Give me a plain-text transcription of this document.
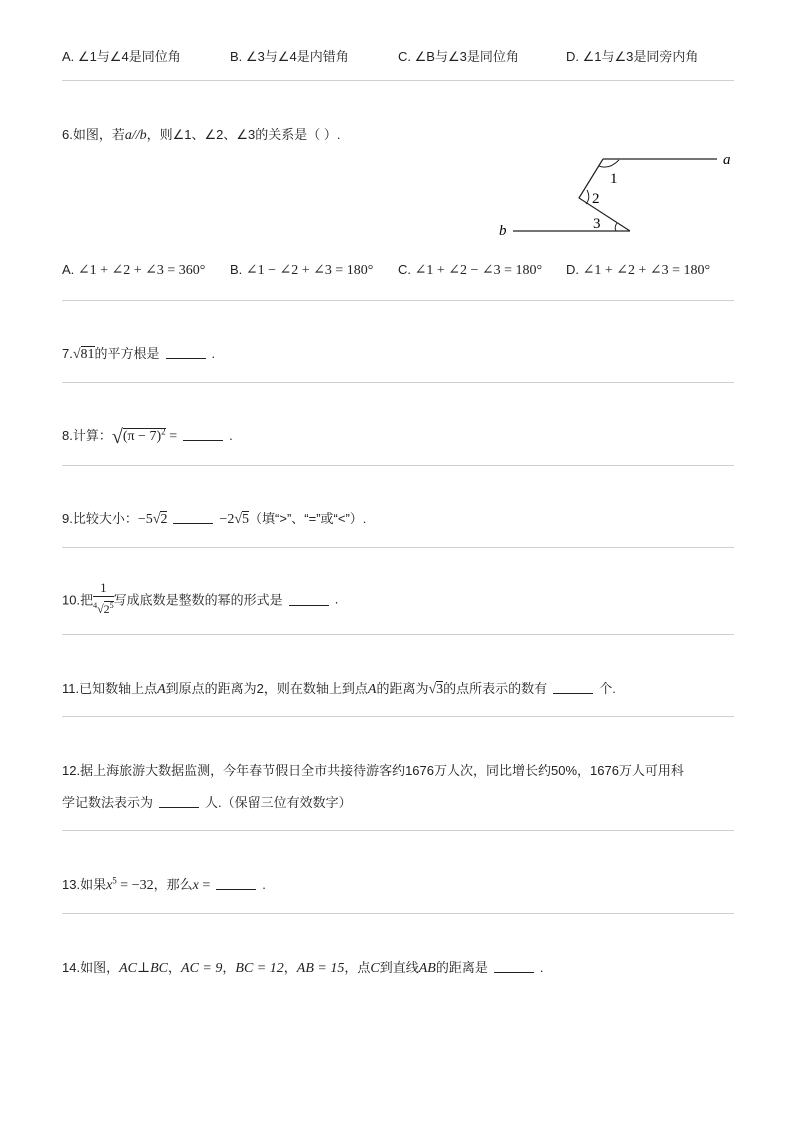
A. ∠1与∠4是同位角	B. ∠3与∠4是内错角	C. ∠B与∠3是同位角	D. ∠1与∠3是同旁内角
6.如图，若a//b，则∠1、∠2、∠3的关系是（ ）.
a
b
1
2
3
A. ∠1 + ∠2 + ∠3 = 360° B. ∠1 − ∠2 + ∠3 = 180° C. ∠1 + ∠2 − ∠3 = 180° D. ∠1 + ∠2 + ∠3 = 180°
7.√81的平方根是	.
8.计算：$√(\pi - 7)^2$ =	.
9.比较大小：−5√2	−2√5（填“>”、“=”或“<”）.
10.把 $\frac{1}{^4√2^5}$ 写成底数是整数的幂的形式是	.
11.已知数轴上点A到原点的距离为2，则在数轴上到点A的距离为√3的点所表示的数有	个.
12.据上海旅游大数据监测，今年春节假日全市共接待游客约1676万人次，同比增长约50%，1676万人可用科
学记数法表示为	人.（保留三位有效数字）
13.如果$x^5 = -32$，那么x =	.
14.如图，AC⊥BC，AC = 9，BC = 12，AB = 15，点C到直线AB的距离是	.
